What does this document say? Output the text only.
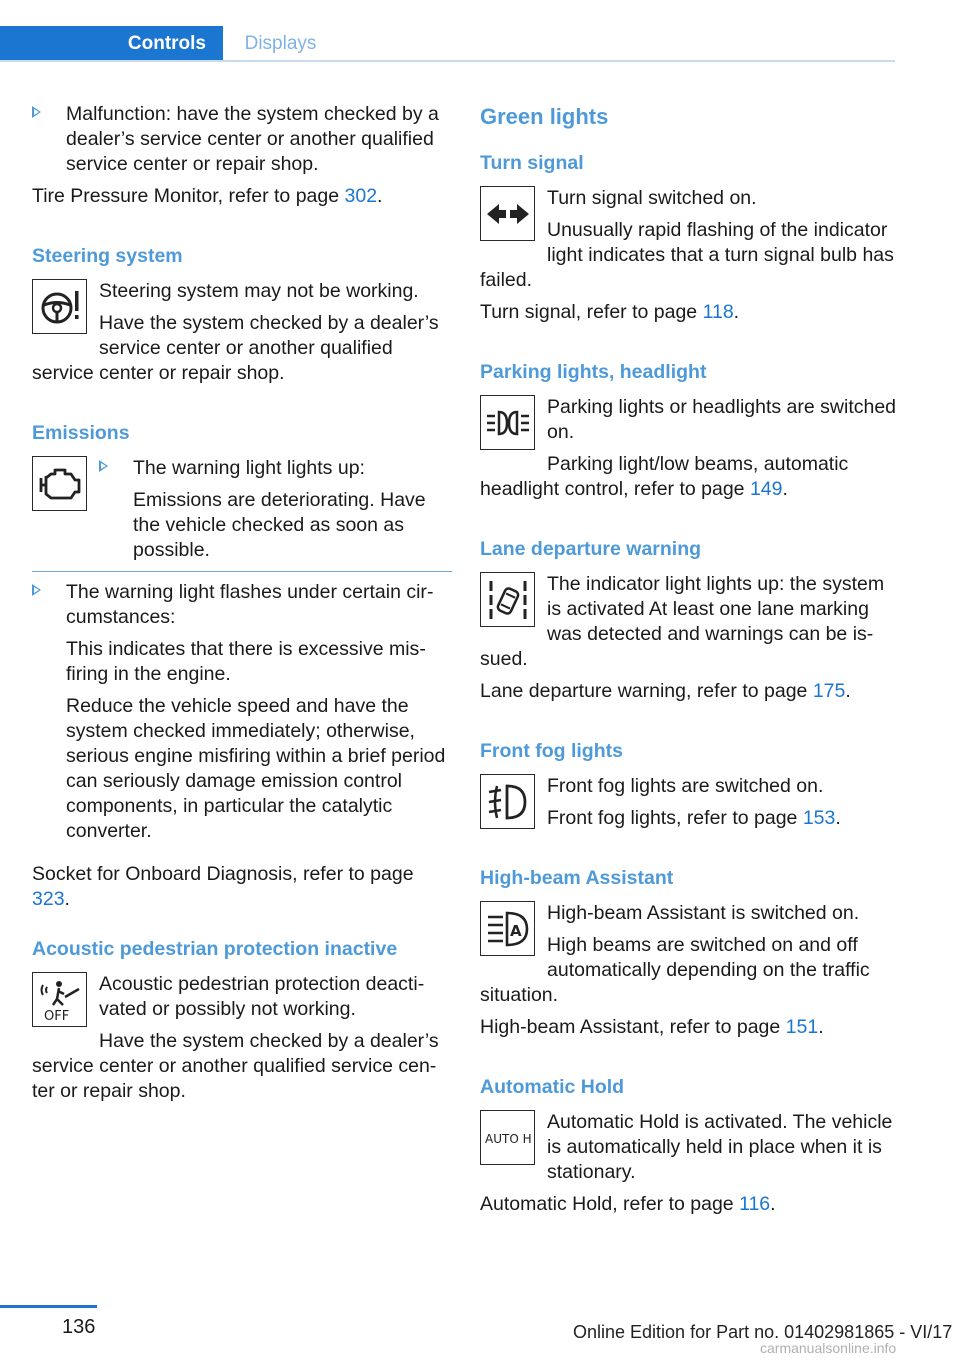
Controls	Displays

Malfunction: have the system checked by a dealer’s service center or another qualified service center or repair shop.

Tire Pressure Monitor, refer to page 302.

Steering system

Steering system may not be working.

Have the system checked by a dealer’s service center or another qualified service center or repair shop.

Emissions

The warning light lights up:

Emissions are deteriorating. Have the vehicle checked as soon as possible.

The warning light flashes under certain circumstances:

This indicates that there is excessive misfiring in the engine.

Reduce the vehicle speed and have the system checked immediately; otherwise, serious engine misfiring within a brief period can seriously damage emission control components, in particular the catalytic converter.

Socket for Onboard Diagnosis, refer to page 323.

Acoustic pedestrian protection inactive
OFF

Acoustic pedestrian protection deactivated or possibly not working.

Have the system checked by a dealer’s service center or another qualified service center or repair shop.

Green lights
Turn signal

Turn signal switched on.

Unusually rapid flashing of the indicator light indicates that a turn signal bulb has failed.

Turn signal, refer to page 118.

Parking lights, headlight

Parking lights or headlights are switched on.

Parking light/low beams, automatic headlight control, refer to page 149.

Lane departure warning

The indicator light lights up: the system is activated At least one lane marking was detected and warnings can be issued.

Lane departure warning, refer to page 175.

Front fog lights

Front fog lights are switched on.

Front fog lights, refer to page 153.

High-beam Assistant
A

High-beam Assistant is switched on.

High beams are switched on and off automatically depending on the traffic situation.

High-beam Assistant, refer to page 151.

Automatic Hold
AUTO H

Automatic Hold is activated. The vehicle is automatically held in place when it is stationary.

Automatic Hold, refer to page 116.

136	Online Edition for Part no. 01402981865 - VI/17
carmanualsonline.info
